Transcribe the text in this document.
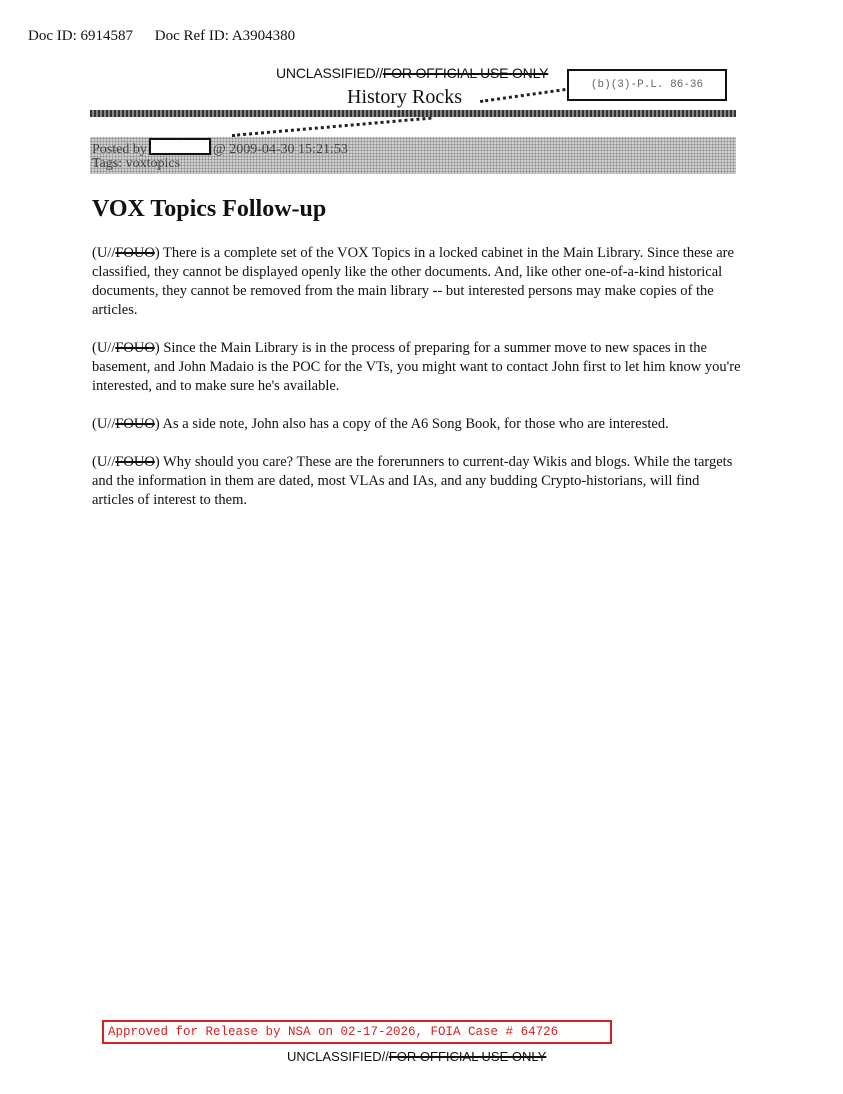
Doc ID: 6914587 Doc Ref ID: A3904380
UNCLASSIFIED//FOR OFFICIAL USE ONLY
(b)(3)-P.L. 86-36
History Rocks
Posted by	@ 2009-04-30 15:21:53
Tags: voxtopics
VOX Topics Follow-up

(U//FOUO) There is a complete set of the VOX Topics in a locked cabinet in the Main Library. Since these are classified, they cannot be displayed openly like the other documents. And, like other one-of-a-kind historical documents, they cannot be removed from the main library -- but interested persons may make copies of the articles.

(U//FOUO) Since the Main Library is in the process of preparing for a summer move to new spaces in the basement, and John Madaio is the POC for the VTs, you might want to contact John first to let him know you're interested, and to make sure he's available.

(U//FOUO) As a side note, John also has a copy of the A6 Song Book, for those who are interested.

(U//FOUO) Why should you care? These are the forerunners to current-day Wikis and blogs. While the targets and the information in them are dated, most VLAs and IAs, and any budding Crypto-historians, will find articles of interest to them.

Approved for Release by NSA on 02-17-2026, FOIA Case # 64726
UNCLASSIFIED//FOR OFFICIAL USE ONLY
